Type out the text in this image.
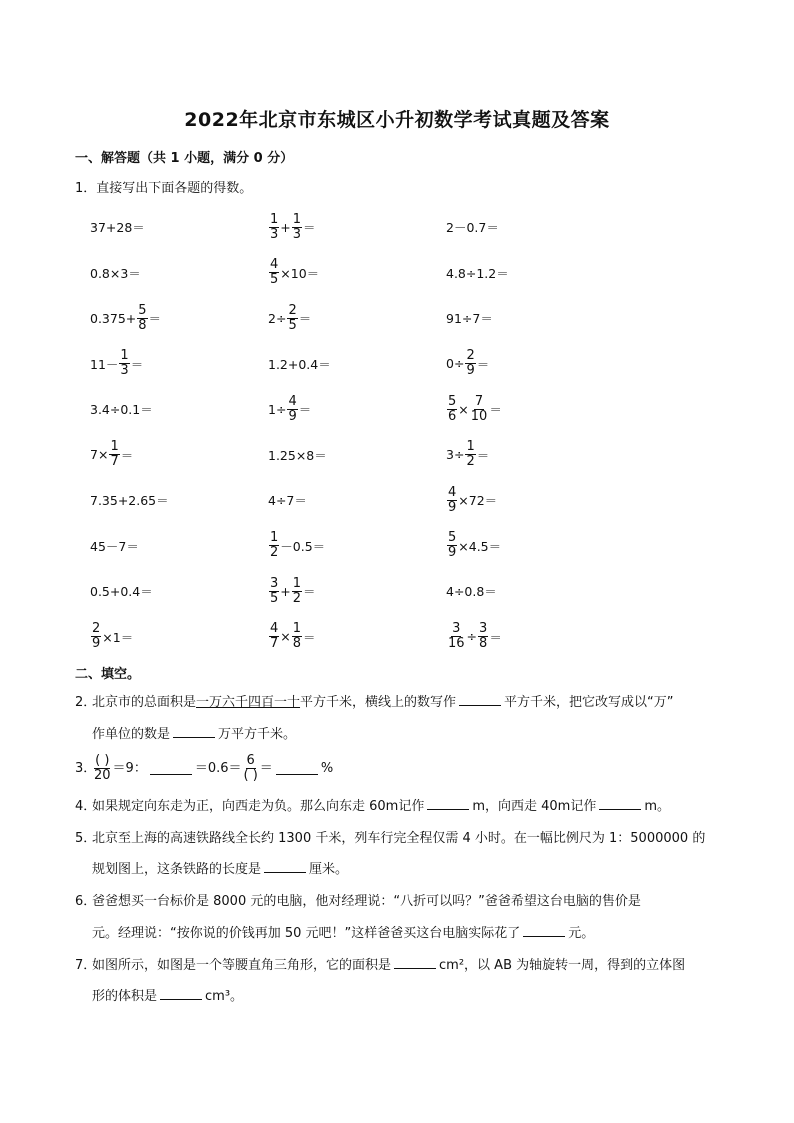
2022年北京市东城区小升初数学考试真题及答案
一、解答题（共 1 小题，满分 0 分）
1．直接写出下面各题的得数。
37+28＝	$\frac{1}{3} + \frac{1}{3}$ ＝	2－0.7＝
0.8×3＝	$\frac{4}{5} \times 10=$	4.8÷1.2＝
$0.375+ \frac{5}{8}$ ＝	$2\div \frac{2}{5}$ ＝	91÷7＝
$11- \frac{1}{3}$ ＝	1.2+0.4＝	$0\div \frac{2}{9}$ ＝
3.4÷0.1＝	$1\div \frac{4}{9}$ ＝	$\frac{5}{6} \times \frac{7}{10}$ ＝
$7\times \frac{1}{7}$ ＝	1.25×8＝	$3\div \frac{1}{2}$ ＝
7.35+2.65＝	4÷7＝	$\frac{4}{9} \times 72=$
45－7＝	$\frac{1}{2} -0.5=$	$\frac{5}{9} \times 4.5=$
0.5+0.4＝	$\frac{3}{5} + \frac{1}{2}$ ＝	4÷0.8＝
$\frac{2}{9} \times 1=$	$\frac{4}{7} \times \frac{1}{8}$ ＝	$\frac{3}{16} \div \frac{3}{8}$ ＝
二、填空。
2．北京市的总面积是一万六千四百一十平方千米，横线上的数写作	平方千米，把它改写成以“万”
作单位的数是	万平方千米。
3．
$\frac{( )}{20} =9$：	$=0.6= \frac{6}{( )}$ ＝	%
4．如果规定向东走为正，向西走为负。那么向东走 60m记作	m，向西走 40m记作	m。
5．北京至上海的高速铁路线全长约 1300 千米，列车行完全程仅需 4 小时。在一幅比例尺为 1：5000000 的
规划图上，这条铁路的长度是	厘米。
6．爸爸想买一台标价是 8000 元的电脑，他对经理说：“八折可以吗？”爸爸希望这台电脑的售价是
元。经理说：“按你说的价钱再加 50 元吧！”这样爸爸买这台电脑实际花了	元。
7．如图所示，如图是一个等腰直角三角形，它的面积是	cm²，以 AB 为轴旋转一周，得到的立体图
形的体积是	cm³。
